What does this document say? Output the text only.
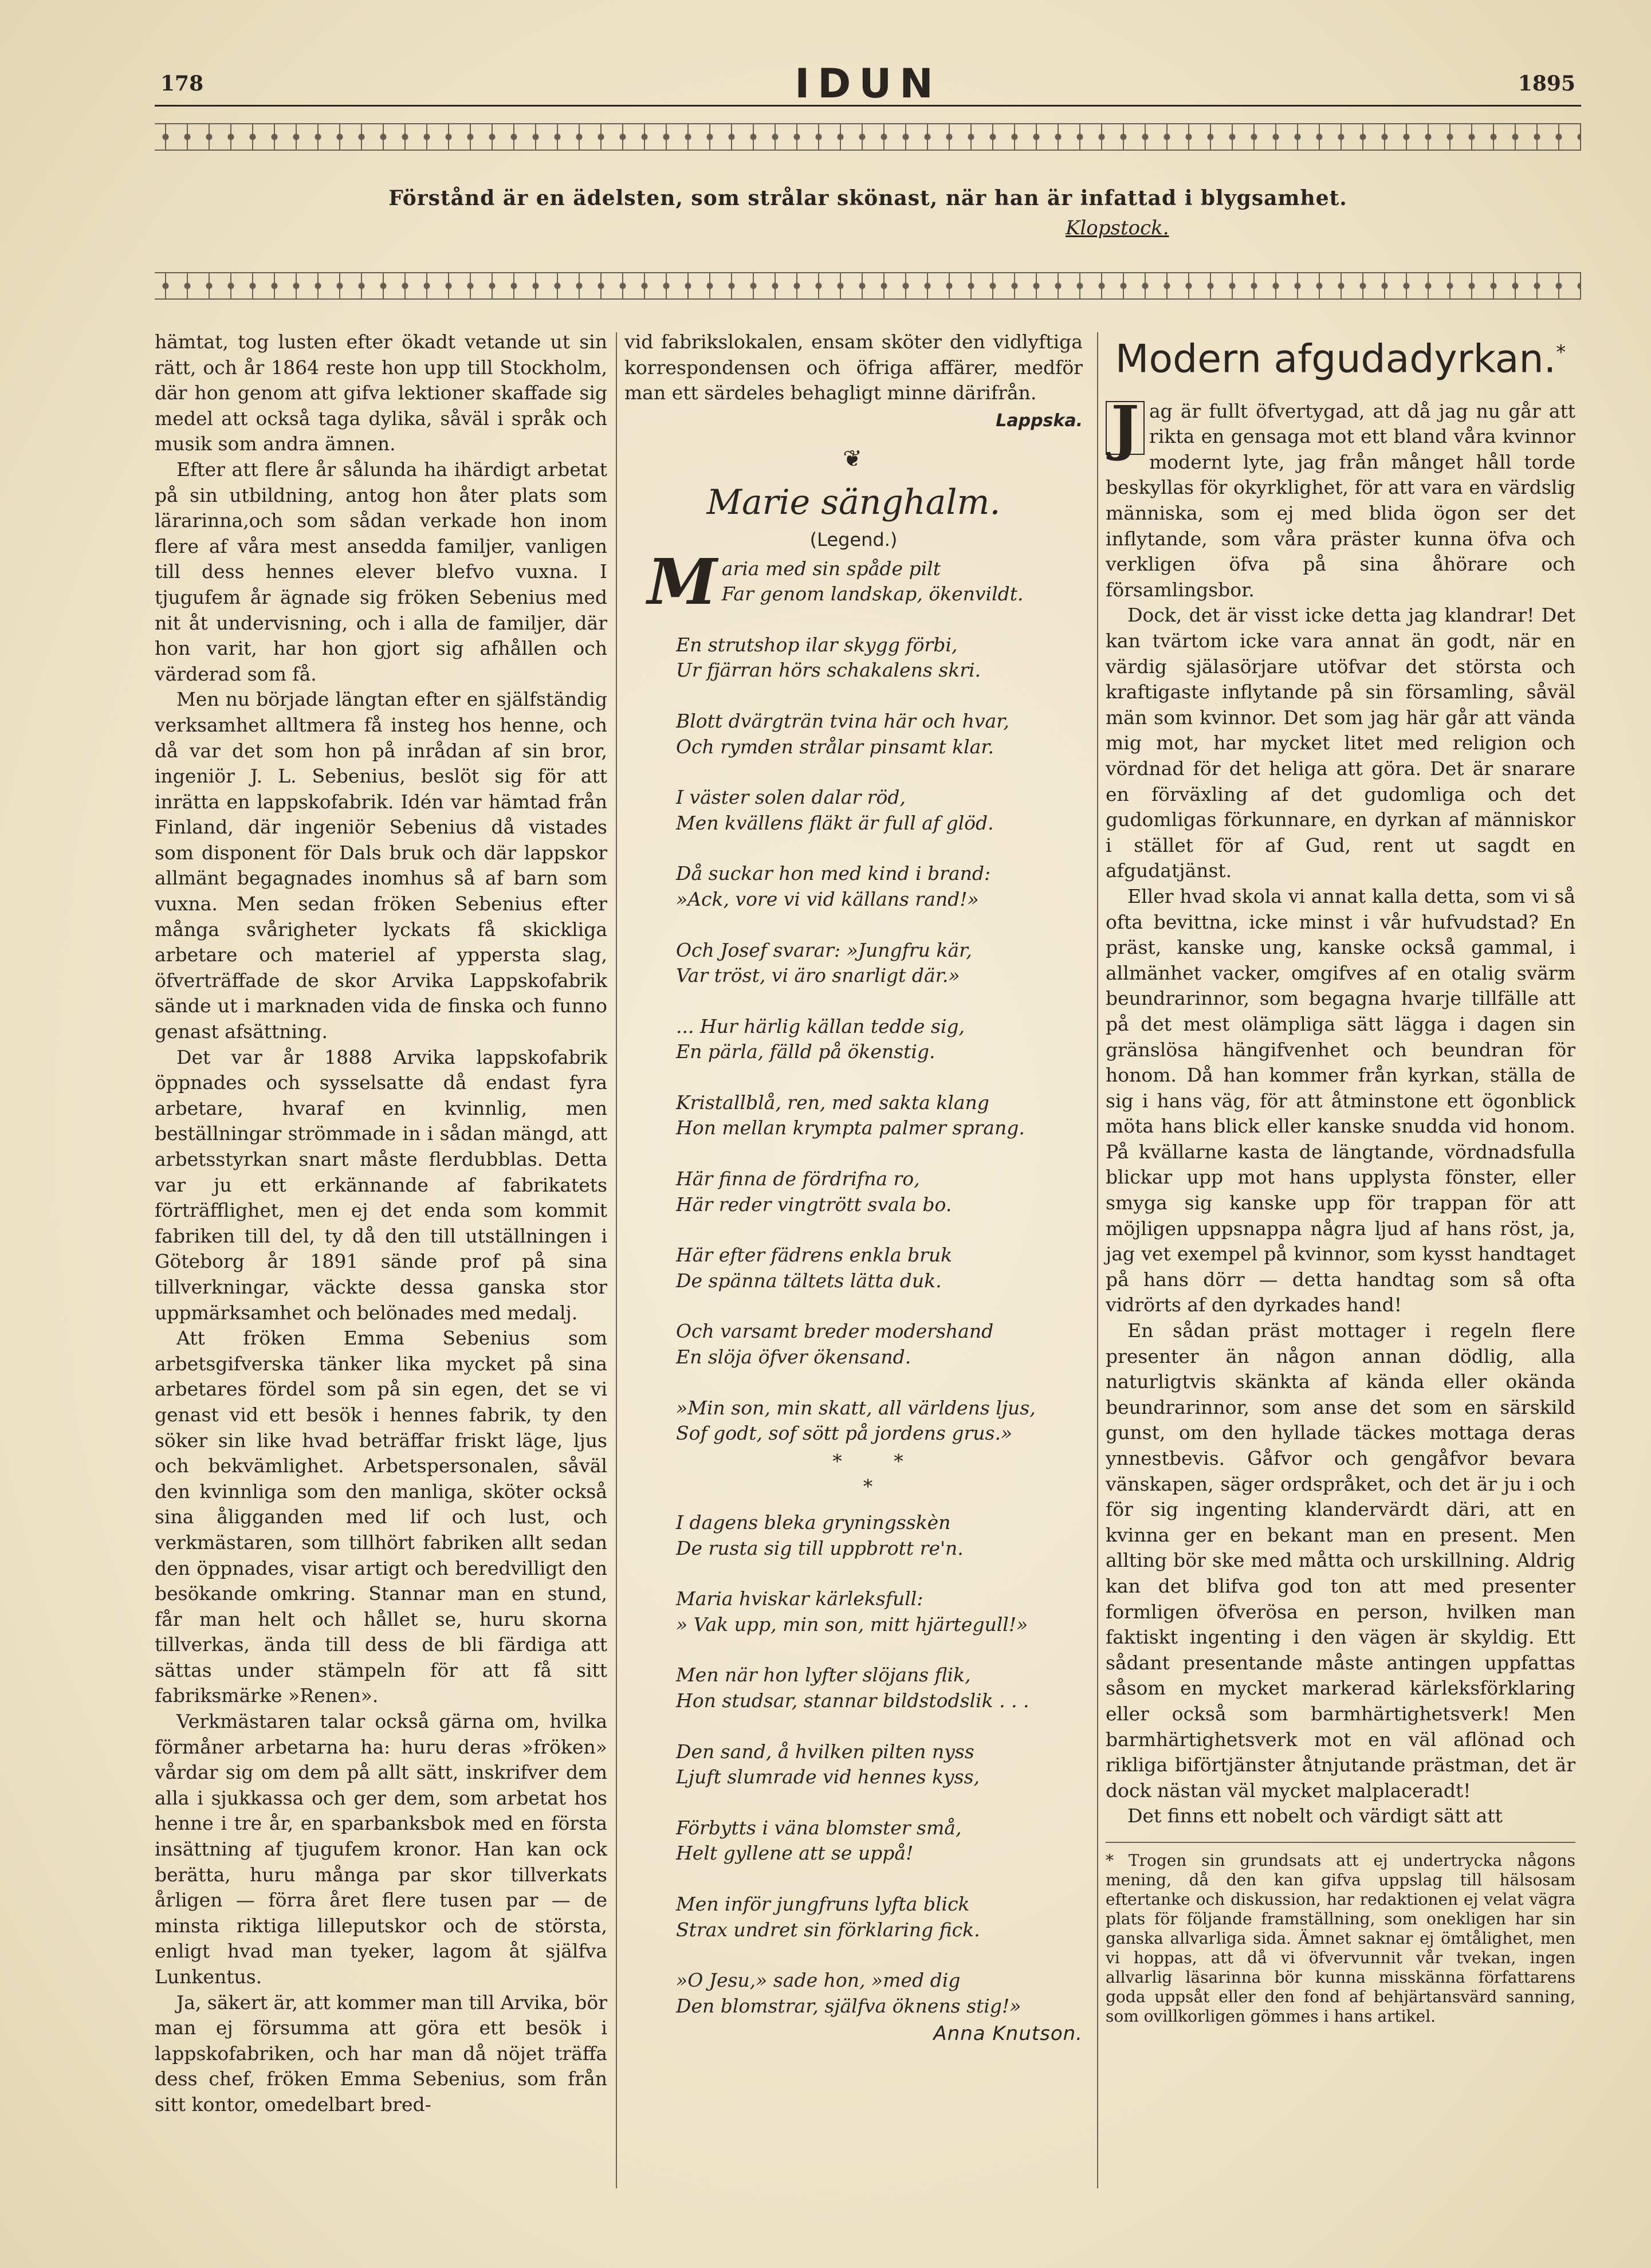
178	IDUN	1895
Förstånd är en ädelsten, som strålar skönast, när han är infattad i blygsamhet.
Klopstock.

hämtat, tog lusten efter ökadt vetande ut sin rätt, och år 1864 reste hon upp till Stockholm, där hon genom att gifva lektioner skaffade sig medel att också taga dylika, såväl i språk och musik som andra ämnen.

Efter att flere år sålunda ha ihärdigt arbetat på sin utbildning, antog hon åter plats som lärarinna,och som sådan verkade hon inom flere af våra mest ansedda familjer, vanligen till dess hennes elever blefvo vuxna. I tjugufem år ägnade sig fröken Sebenius med nit åt undervisning, och i alla de familjer, där hon varit, har hon gjort sig afhållen och värderad som få.

Men nu började längtan efter en själfständig verksamhet alltmera få insteg hos henne, och då var det som hon på inrådan af sin bror, ingeniör J. L. Sebenius, beslöt sig för att inrätta en lappskofabrik. Idén var hämtad från Finland, där ingeniör Sebenius då vistades som disponent för Dals bruk och där lappskor allmänt begagnades inomhus så af barn som vuxna. Men sedan fröken Sebenius efter många svårigheter lyckats få skickliga arbetare och materiel af yppersta slag, öfverträffade de skor Arvika Lappskofabrik sände ut i marknaden vida de finska och funno genast afsättning.

Det var år 1888 Arvika lappskofabrik öppnades och sysselsatte då endast fyra arbetare, hvaraf en kvinnlig, men beställningar strömmade in i sådan mängd, att arbetsstyrkan snart måste flerdubblas. Detta var ju ett erkännande af fabrikatets förträfflighet, men ej det enda som kommit fabriken till del, ty då den till utställningen i Göteborg år 1891 sände prof på sina tillverkningar, väckte dessa ganska stor uppmärksamhet och belönades med medalj.

Att fröken Emma Sebenius som arbetsgifverska tänker lika mycket på sina arbetares fördel som på sin egen, det se vi genast vid ett besök i hennes fabrik, ty den söker sin like hvad beträffar friskt läge, ljus och bekvämlighet. Arbetspersonalen, såväl den kvinnliga som den manliga, sköter också sina åligganden med lif och lust, och verkmästaren, som tillhört fabriken allt sedan den öppnades, visar artigt och beredvilligt den besökande omkring. Stannar man en stund, får man helt och hållet se, huru skorna tillverkas, ända till dess de bli färdiga att sättas under stämpeln för att få sitt fabriksmärke »Renen».

Verkmästaren talar också gärna om, hvilka förmåner arbetarna ha: huru deras »fröken» vårdar sig om dem på allt sätt, inskrifver dem alla i sjukkassa och ger dem, som arbetat hos henne i tre år, en sparbanksbok med en första insättning af tjugufem kronor. Han kan ock berätta, huru många par skor tillverkats årligen — förra året flere tusen par — de minsta riktiga lilleputskor och de största, enligt hvad man tyeker, lagom åt själfva Lunkentus.

Ja, säkert är, att kommer man till Arvika, bör man ej försumma att göra ett besök i lappskofabriken, och har man då nöjet träffa dess chef, fröken Emma Sebenius, som från sitt kontor, omedelbart bred-

vid fabrikslokalen, ensam sköter den vidlyftiga korrespondensen och öfriga affärer, medför man ett särdeles behagligt minne därifrån.

Lappska.
❦
Marie sänghalm.
(Legend.)
M aria med sin spåde pilt
Far genom landskap, ökenvildt.
En strutshop ilar skygg förbi,
Ur fjärran hörs schakalens skri.
Blott dvärgträn tvina här och hvar,
Och rymden strålar pinsamt klar.
I väster solen dalar röd,
Men kvällens fläkt är full af glöd.
Då suckar hon med kind i brand:
»Ack, vore vi vid källans rand!»
Och Josef svarar: »Jungfru kär,
Var tröst, vi äro snarligt där.»
... Hur härlig källan tedde sig,
En pärla, fälld på ökenstig.
Kristallblå, ren, med sakta klang
Hon mellan krympta palmer sprang.
Här finna de fördrifna ro,
Här reder vingtrött svala bo.
Här efter fädrens enkla bruk
De spänna tältets lätta duk.
Och varsamt breder modershand
En slöja öfver ökensand.
»Min son, min skatt, all världens ljus,
Sof godt, sof sött på jordens grus.»
* *
*
I dagens bleka gryningsskèn
De rusta sig till uppbrott re'n.
Maria hviskar kärleksfull:
» Vak upp, min son, mitt hjärtegull!»
Men när hon lyfter slöjans flik,
Hon studsar, stannar bildstodslik . . .
Den sand, å hvilken pilten nyss
Ljuft slumrade vid hennes kyss,
Förbytts i väna blomster små,
Helt gyllene att se uppå!
Men inför jungfruns lyfta blick
Strax undret sin förklaring fick.
»O Jesu,» sade hon, »med dig
Den blomstrar, själfva öknens stig!»
Anna Knutson.
Modern afgudadyrkan.*

J ag är fullt öfvertygad, att då jag nu går att rikta en gensaga mot ett bland våra kvinnor modernt lyte, jag från månget håll torde beskyllas för okyrklighet, för att vara en värdslig människa, som ej med blida ögon ser det inflytande, som våra präster kunna öfva och verkligen öfva på sina åhörare och församlingsbor.

Dock, det är visst icke detta jag klandrar! Det kan tvärtom icke vara annat än godt, när en värdig själasörjare utöfvar det största och kraftigaste inflytande på sin församling, såväl män som kvinnor. Det som jag här går att vända mig mot, har mycket litet med religion och vördnad för det heliga att göra. Det är snarare en förväxling af det gudomliga och det gudomligas förkunnare, en dyrkan af människor i stället för af Gud, rent ut sagdt en afgudatjänst.

Eller hvad skola vi annat kalla detta, som vi så ofta bevittna, icke minst i vår hufvudstad? En präst, kanske ung, kanske också gammal, i allmänhet vacker, omgifves af en otalig svärm beundrarinnor, som begagna hvarje tillfälle att på det mest olämpliga sätt lägga i dagen sin gränslösa hängifvenhet och beundran för honom. Då han kommer från kyrkan, ställa de sig i hans väg, för att åtminstone ett ögonblick möta hans blick eller kanske snudda vid honom. På kvällarne kasta de längtande, vördnadsfulla blickar upp mot hans upplysta fönster, eller smyga sig kanske upp för trappan för att möjligen uppsnappa några ljud af hans röst, ja, jag vet exempel på kvinnor, som kysst handtaget på hans dörr — detta handtag som så ofta vidrörts af den dyrkades hand!

En sådan präst mottager i regeln flere presenter än någon annan dödlig, alla naturligtvis skänkta af kända eller okända beundrarinnor, som anse det som en särskild gunst, om den hyllade täckes mottaga deras ynnestbevis. Gåfvor och gengåfvor bevara vänskapen, säger ordspråket, och det är ju i och för sig ingenting klandervärdt däri, att en kvinna ger en bekant man en present. Men allting bör ske med måtta och urskillning. Aldrig kan det blifva god ton att med presenter formligen öfverösa en person, hvilken man faktiskt ingenting i den vägen är skyldig. Ett sådant presentande måste antingen uppfattas såsom en mycket markerad kärleksförklaring eller också som barmhärtighetsverk! Men barmhärtighetsverk mot en väl aflönad och rikliga biförtjänster åtnjutande prästman, det är dock nästan väl mycket malplaceradt!

Det finns ett nobelt och värdigt sätt att

* Trogen sin grundsats att ej undertrycka någons mening, då den kan gifva uppslag till hälsosam eftertanke och diskussion, har redaktionen ej velat vägra plats för följande framställning, som onekligen har sin ganska allvarliga sida. Ämnet saknar ej ömtålighet, men vi hoppas, att då vi öfvervunnit vår tvekan, ingen allvarlig läsarinna bör kunna misskänna författarens goda uppsåt eller den fond af behjärtansvärd sanning, som ovillkorligen gömmes i hans artikel.
